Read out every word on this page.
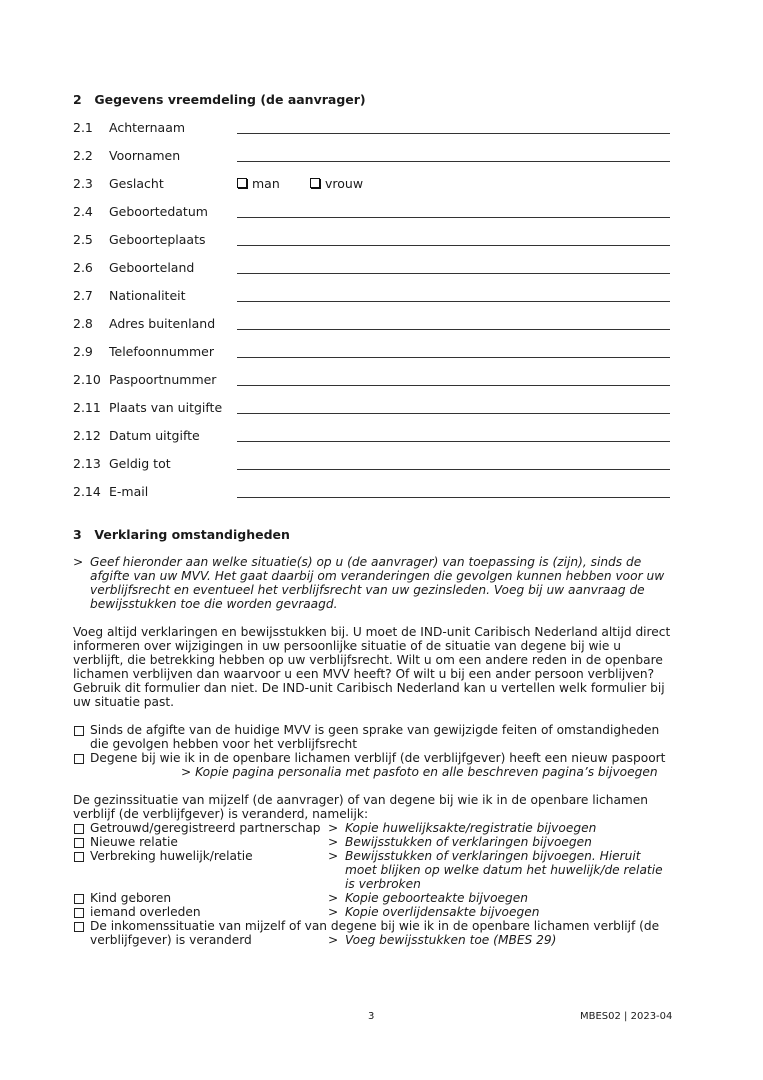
2 Gegevens vreemdeling (de aanvrager)
2.1 Achternaam
2.2 Voornamen
2.3 Geslacht	man	vrouw
2.4 Geboortedatum
2.5 Geboorteplaats
2.6 Geboorteland
2.7 Nationaliteit
2.8 Adres buitenland
2.9 Telefoonnummer
2.10 Paspoortnummer
2.11 Plaats van uitgifte
2.12 Datum uitgifte
2.13 Geldig tot
2.14 E-mail
3 Verklaring omstandigheden
> Geef hieronder aan welke situatie(s) op u (de aanvrager) van toepassing is (zijn), sinds de afgifte van uw MVV. Het gaat daarbij om veranderingen die gevolgen kunnen hebben voor uw verblijfsrecht en eventueel het verblijfsrecht van uw gezinsleden. Voeg bij uw aanvraag de bewijsstukken toe die worden gevraagd.
Voeg altijd verklaringen en bewijsstukken bij. U moet de IND-unit Caribisch Nederland altijd direct informeren over wijzigingen in uw persoonlijke situatie of de situatie van degene bij wie u verblijft, die betrekking hebben op uw verblijfsrecht. Wilt u om een andere reden in de openbare lichamen verblijven dan waarvoor u een MVV heeft? Of wilt u bij een ander persoon verblijven? Gebruik dit formulier dan niet. De IND-unit Caribisch Nederland kan u vertellen welk formulier bij uw situatie past.
Sinds de afgifte van de huidige MVV is geen sprake van gewijzigde feiten of omstandigheden die gevolgen hebben voor het verblijfsrecht
Degene bij wie ik in de openbare lichamen verblijf (de verblijfgever) heeft een nieuw paspoort
> Kopie pagina personalia met pasfoto en alle beschreven pagina’s bijvoegen
De gezinssituatie van mijzelf (de aanvrager) of van degene bij wie ik in de openbare lichamen verblijf (de verblijfgever) is veranderd, namelijk:
Getrouwd/geregistreerd partnerschap > Kopie huwelijksakte/registratie bijvoegen
Nieuwe relatie	> Bewijsstukken of verklaringen bijvoegen
Verbreking huwelijk/relatie	> Bewijsstukken of verklaringen bijvoegen. Hieruit moet blijken op welke datum het huwelijk/de relatie is verbroken
Kind geboren	> Kopie geboorteakte bijvoegen
iemand overleden	> Kopie overlijdensakte bijvoegen
De inkomenssituatie van mijzelf of van degene bij wie ik in de openbare lichamen verblijf (de
verblijfgever) is veranderd	> Voeg bewijsstukken toe (MBES 29)
3	MBES02 | 2023-04
